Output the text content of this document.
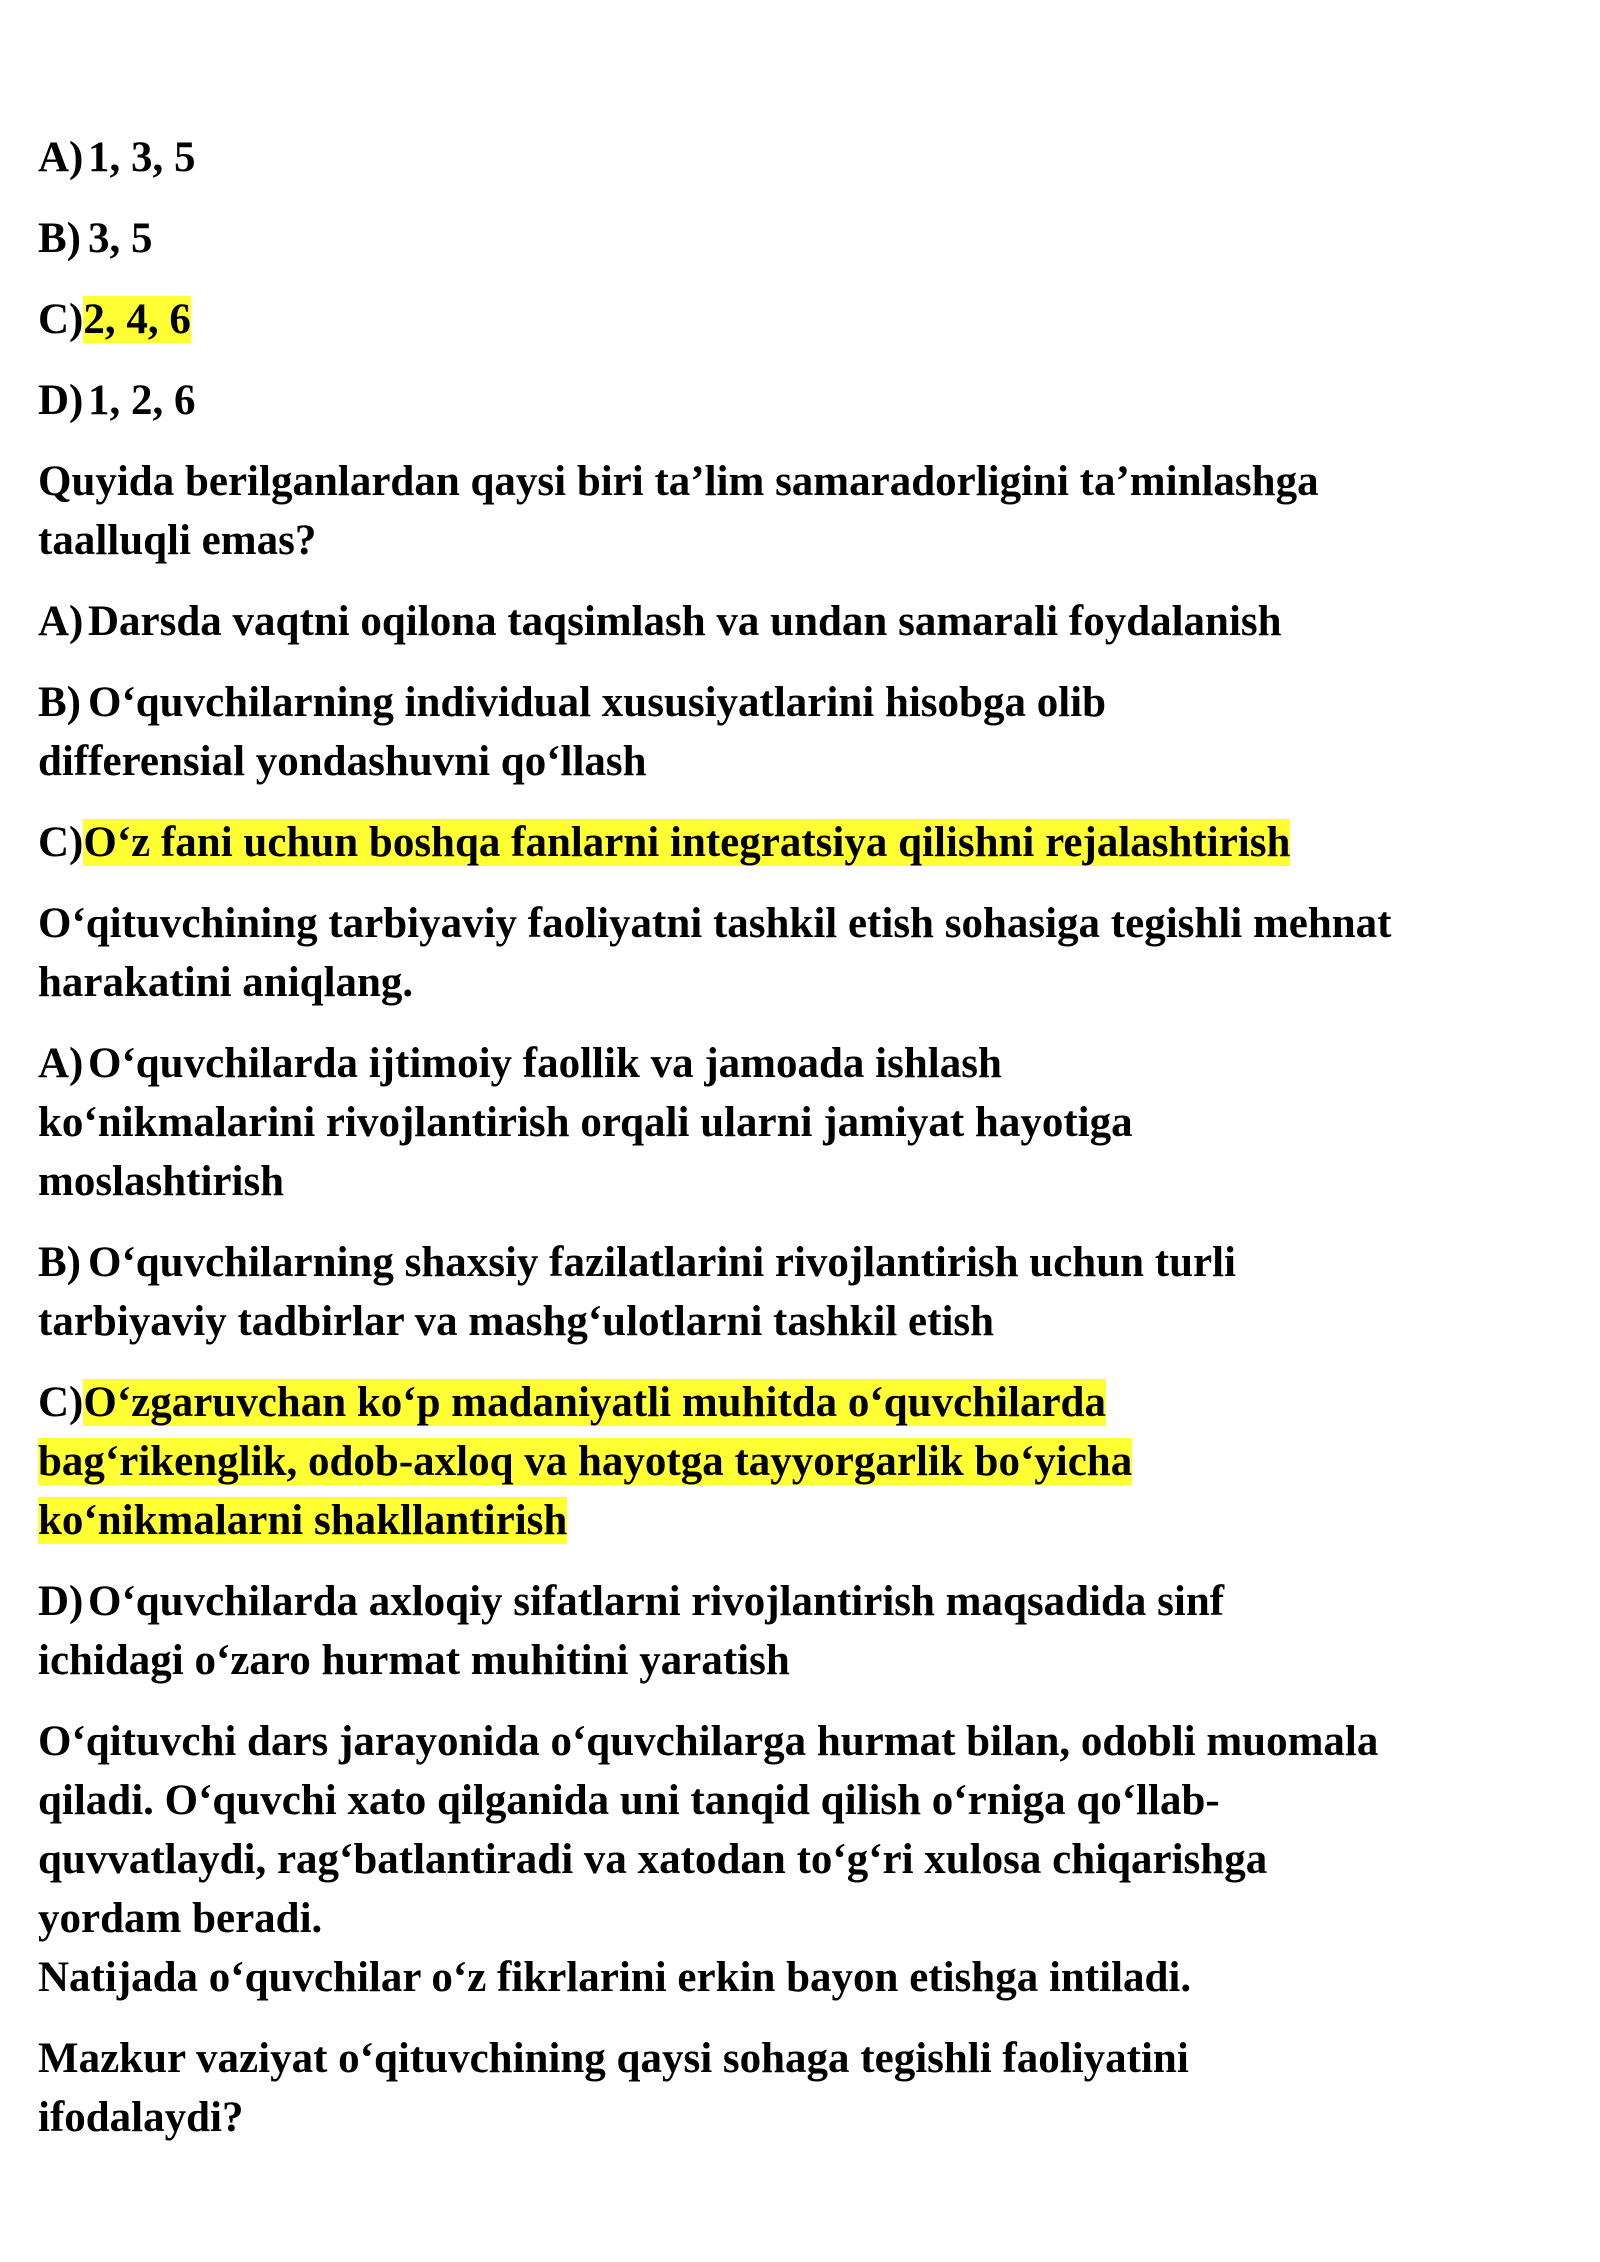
A) 1, 3, 5
B) 3, 5
C)2, 4, 6
D) 1, 2, 6
Quyida berilganlardan qaysi biri ta’lim samaradorligini ta’minlashga
taalluqli emas?
A) Darsda vaqtni oqilona taqsimlash va undan samarali foydalanish
B) O‘quvchilarning individual xususiyatlarini hisobga olib
differensial yondashuvni qo‘llash
C)O‘z fani uchun boshqa fanlarni integratsiya qilishni rejalashtirish
O‘qituvchining tarbiyaviy faoliyatni tashkil etish sohasiga tegishli mehnat
harakatini aniqlang.
A) O‘quvchilarda ijtimoiy faollik va jamoada ishlash
ko‘nikmalarini rivojlantirish orqali ularni jamiyat hayotiga
moslashtirish
B) O‘quvchilarning shaxsiy fazilatlarini rivojlantirish uchun turli
tarbiyaviy tadbirlar va mashg‘ulotlarni tashkil etish
C)O‘zgaruvchan ko‘p madaniyatli muhitda o‘quvchilarda
bag‘rikenglik, odob-axloq va hayotga tayyorgarlik bo‘yicha
ko‘nikmalarni shakllantirish
D) O‘quvchilarda axloqiy sifatlarni rivojlantirish maqsadida sinf
ichidagi o‘zaro hurmat muhitini yaratish
O‘qituvchi dars jarayonida o‘quvchilarga hurmat bilan, odobli muomala
qiladi. O‘quvchi xato qilganida uni tanqid qilish o‘rniga qo‘llab-
quvvatlaydi, rag‘batlantiradi va xatodan to‘g‘ri xulosa chiqarishga
yordam beradi.
Natijada o‘quvchilar o‘z fikrlarini erkin bayon etishga intiladi.
Mazkur vaziyat o‘qituvchining qaysi sohaga tegishli faoliyatini
ifodalaydi?
